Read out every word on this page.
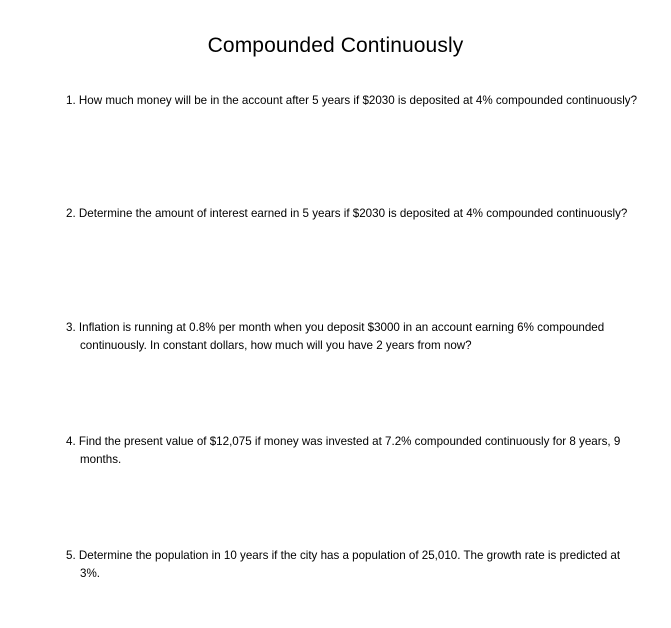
Compounded Continuously
1. How much money will be in the account after 5 years if $2030 is deposited at 4% compounded continuously?
2. Determine the amount of interest earned in 5 years if $2030 is deposited at 4% compounded continuously?
3. Inflation is running at 0.8% per month when you deposit $3000 in an account earning 6% compounded continuously. In constant dollars, how much will you have 2 years from now?
4. Find the present value of $12,075 if money was invested at 7.2% compounded continuously for 8 years, 9 months.
5. Determine the population in 10 years if the city has a population of 25,010. The growth rate is predicted at 3%.
